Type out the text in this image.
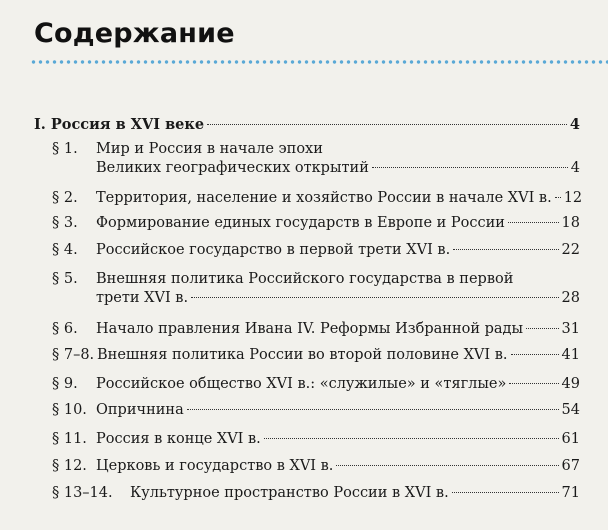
Содержание
I. Россия в XVI веке	4
§ 1. Мир и Россия в начале эпохи
Великих географических открытий	4
§ 2. Территория, население и хозяйство России в начале XVI в. 12
§ 3. Формирование единых государств в Европе и России	18
§ 4. Российское государство в первой трети XVI в.	22
§ 5. Внешняя политика Российского государства в первой
трети XVI в.	28
§ 6. Начало правления Ивана IV. Реформы Избранной рады	31
§ 7–8. Внешняя политика России во второй половине XVI в.	41
§ 9. Российское общество XVI в.: «служилые» и «тяглые»	49
§ 10. Опричнина	54
§ 11. Россия в конце XVI в.	61
§ 12. Церковь и государство в XVI в.	67
§ 13–14. Культурное пространство России в XVI в.	71
